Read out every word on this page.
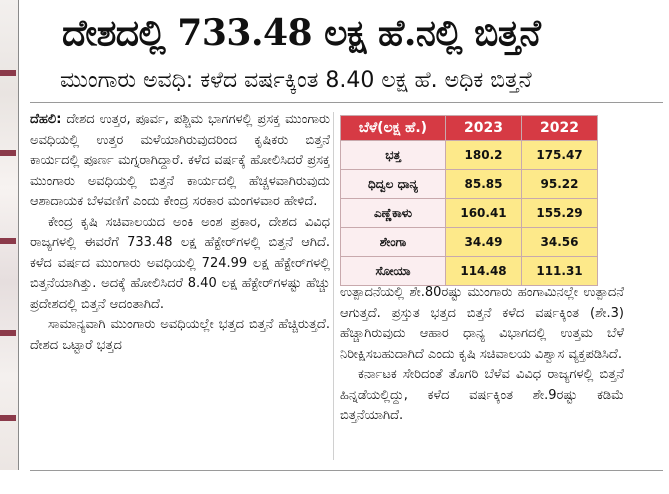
ದೇಶದಲ್ಲಿ 733.48 ಲಕ್ಷ ಹೆ.ನಲ್ಲಿ ಬಿತ್ತನೆ
ಮುಂಗಾರು ಅವಧಿ: ಕಳೆದ ವರ್ಷಕ್ಕಿಂತ 8.40 ಲಕ್ಷ ಹೆ. ಅಧಿಕ ಬಿತ್ತನೆ

ದೆಹಲಿ: ದೇಶದ ಉತ್ತರ, ಪೂರ್ವ, ಪಶ್ಚಿಮ ಭಾಗಗಳಲ್ಲಿ ಪ್ರಸಕ್ತ ಮುಂಗಾರು ಅವಧಿಯಲ್ಲಿ ಉತ್ತರ ಮಳೆಯಾಗಿರುವುದರಿಂದ ಕೃಷಿಕರು ಬಿತ್ತನೆ ಕಾರ್ಯದಲ್ಲಿ ಪೂರ್ಣ ಮಗ್ನರಾಗಿದ್ದಾರೆ. ಕಳೆದ ವರ್ಷಕ್ಕೆ ಹೋಲಿಸಿದರೆ ಪ್ರಸಕ್ತ ಮುಂಗಾರು ಅವಧಿಯಲ್ಲಿ ಬಿತ್ತನೆ ಕಾರ್ಯದಲ್ಲಿ ಹೆಚ್ಚಳವಾಗಿರುವುದು ಆಶಾದಾಯಕ ಬೆಳವಣಿಗೆ ಎಂದು ಕೇಂದ್ರ ಸರಕಾರ ಮಂಗಳವಾರ ಹೇಳಿದೆ.

ಕೇಂದ್ರ ಕೃಷಿ ಸಚಿವಾಲಯದ ಅಂಕಿ ಅಂಶ ಪ್ರಕಾರ, ದೇಶದ ವಿವಿಧ ರಾಜ್ಯಗಳಲ್ಲಿ ಈವರೆಗೆ 733.48 ಲಕ್ಷ ಹೆಕ್ಟೇರ್‌ಗಳಲ್ಲಿ ಬಿತ್ತನೆ ಆಗಿದೆ. ಕಳೆದ ವರ್ಷದ ಮುಂಗಾರು ಅವಧಿಯಲ್ಲಿ 724.99 ಲಕ್ಷ ಹೆಕ್ಟೇರ್‌ಗಳಲ್ಲಿ ಬಿತ್ತನೆಯಾಗಿತ್ತು. ಅದಕ್ಕೆ ಹೋಲಿಸಿದರೆ 8.40 ಲಕ್ಷ ಹೆಕ್ಟೇರ್‌ಗಳಷ್ಟು ಹೆಚ್ಚು ಪ್ರದೇಶದಲ್ಲಿ ಬಿತ್ತನೆ ಆದಂತಾಗಿದೆ.

ಸಾಮಾನ್ಯವಾಗಿ ಮುಂಗಾರು ಅವಧಿಯಲ್ಲೇ ಭತ್ತದ ಬಿತ್ತನೆ ಹೆಚ್ಚಿರುತ್ತದೆ. ದೇಶದ ಒಟ್ಟಾರೆ ಭತ್ತದ

ಬೆಳೆ(ಲಕ್ಷ ಹೆ.)	2023	2022
ಭತ್ತ	180.2	175.47
ಧಿದ್ವಲ ಧಾನ್ಯ	85.85	95.22
ಎಣ್ಣೆಕಾಳು	160.41	155.29
ಶೇಂಗಾ	34.49	34.56
ಸೋಯಾ	114.48	111.31

ಉತ್ಪಾದನೆಯಲ್ಲಿ ಶೇ.80ರಷ್ಟು ಮುಂಗಾರು ಹಂಗಾಮಿನಲ್ಲೇ ಉತ್ಪಾದನೆ ಆಗುತ್ತದೆ. ಪ್ರಸ್ತುತ ಭತ್ತದ ಬಿತ್ತನೆ ಕಳೆದ ವರ್ಷಕ್ಕಿಂತ (ಶೇ.3) ಹೆಚ್ಚಾಗಿರುವುದು ಆಹಾರ ಧಾನ್ಯ ವಿಭಾಗದಲ್ಲಿ ಉತ್ತಮ ಬೆಳೆ ನಿರೀಕ್ಷಿಸಬಹುದಾಗಿದೆ ಎಂದು ಕೃಷಿ ಸಚಿವಾಲಯ ವಿಶ್ವಾಸ ವ್ಯಕ್ತಪಡಿಸಿದೆ.

ಕರ್ನಾಟಕ ಸೇರಿದಂತೆ ತೊಗರಿ ಬೆಳೆವ ವಿವಿಧ ರಾಜ್ಯಗಳಲ್ಲಿ ಬಿತ್ತನೆ ಹಿನ್ನಡೆಯಲ್ಲಿದ್ದು, ಕಳೆದ ವರ್ಷಕ್ಕಿಂತ ಶೇ.9ರಷ್ಟು ಕಡಿಮೆ ಬಿತ್ತನೆಯಾಗಿದೆ.
